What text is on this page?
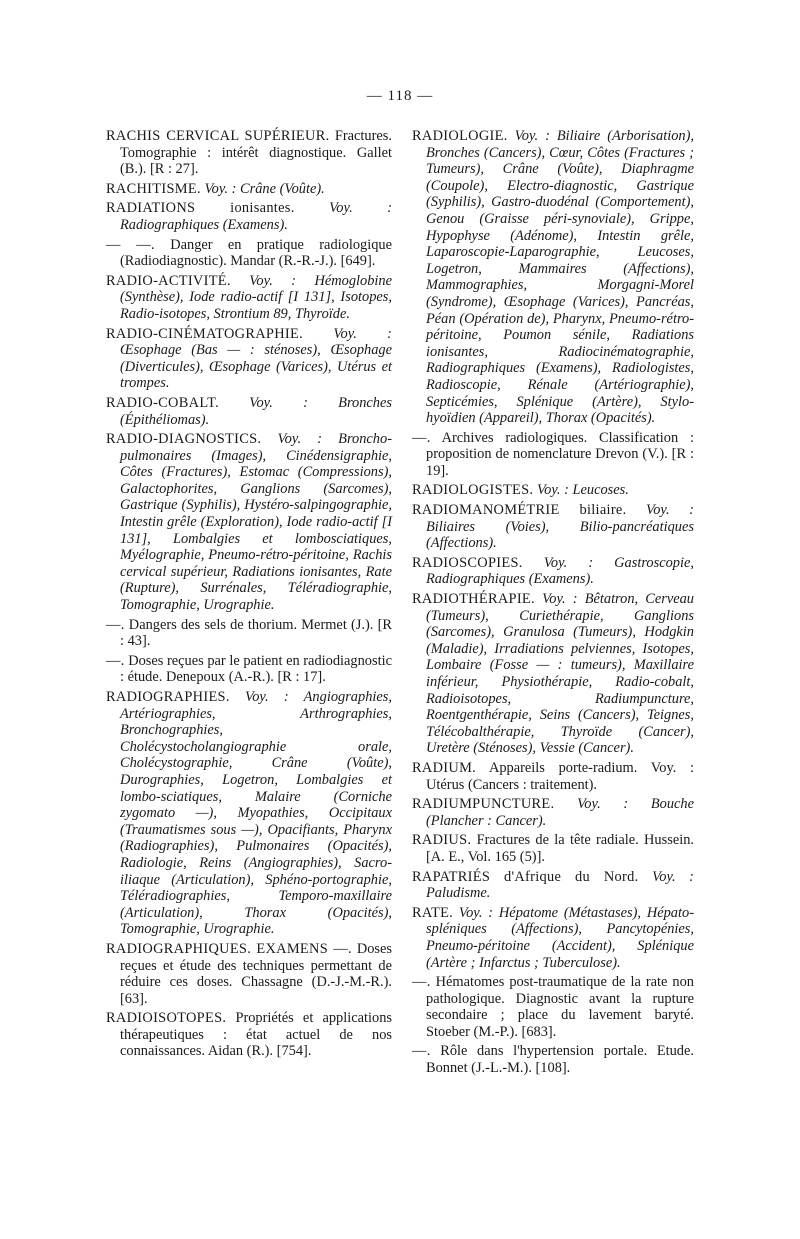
— 118 —

RACHIS CERVICAL SUPÉRIEUR. Fractures. Tomographie : intérêt diagnostique. Gallet (B.). [R : 27].

RACHITISME. Voy. : Crâne (Voûte).

RADIATIONS ionisantes. Voy. : Radiographiques (Examens).

— —. Danger en pratique radiologique (Radiodiagnostic). Mandar (R.-R.-J.). [649].

RADIO-ACTIVITÉ. Voy. : Hémoglobine (Synthèse), Iode radio-actif [I 131], Isotopes, Radio-isotopes, Strontium 89, Thyroïde.

RADIO-CINÉMATOGRAPHIE. Voy. : Œsophage (Bas — : sténoses), Œsophage (Diverticules), Œsophage (Varices), Utérus et trompes.

RADIO-COBALT. Voy. : Bronches (Épithéliomas).

RADIO-DIAGNOSTICS. Voy. : Broncho-pulmonaires (Images), Cinédensigraphie, Côtes (Fractures), Estomac (Compressions), Galactophorites, Ganglions (Sarcomes), Gastrique (Syphilis), Hystéro-salpingographie, Intestin grêle (Exploration), Iode radio-actif [I 131], Lombalgies et lombosciatiques, Myélographie, Pneumo-rétro-péritoine, Rachis cervical supérieur, Radiations ionisantes, Rate (Rupture), Surrénales, Téléradiographie, Tomographie, Urographie.

—. Dangers des sels de thorium. Mermet (J.). [R : 43].

—. Doses reçues par le patient en radiodiagnostic : étude. Denepoux (A.-R.). [R : 17].

RADIOGRAPHIES. Voy. : Angiographies, Artériographies, Arthrographies, Bronchographies, Cholécystocholangiographie orale, Cholécystographie, Crâne (Voûte), Durographies, Logetron, Lombalgies et lombo-sciatiques, Malaire (Corniche zygomato —), Myopathies, Occipitaux (Traumatismes sous —), Opacifiants, Pharynx (Radiographies), Pulmonaires (Opacités), Radiologie, Reins (Angiographies), Sacro-iliaque (Articulation), Sphéno-portographie, Téléradiographies, Temporo-maxillaire (Articulation), Thorax (Opacités), Tomographie, Urographie.

RADIOGRAPHIQUES. EXAMENS —. Doses reçues et étude des techniques permettant de réduire ces doses. Chassagne (D.-J.-M.-R.). [63].

RADIOISOTOPES. Propriétés et applications thérapeutiques : état actuel de nos connaissances. Aidan (R.). [754].

RADIOLOGIE. Voy. : Biliaire (Arborisation), Bronches (Cancers), Cœur, Côtes (Fractures ; Tumeurs), Crâne (Voûte), Diaphragme (Coupole), Electro-diagnostic, Gastrique (Syphilis), Gastro-duodénal (Comportement), Genou (Graisse péri-synoviale), Grippe, Hypophyse (Adénome), Intestin grêle, Laparoscopie-Laparographie, Leucoses, Logetron, Mammaires (Affections), Mammographies, Morgagni-Morel (Syndrome), Œsophage (Varices), Pancréas, Péan (Opération de), Pharynx, Pneumo-rétro-péritoine, Poumon sénile, Radiations ionisantes, Radiocinématographie, Radiographiques (Examens), Radiologistes, Radioscopie, Rénale (Artériographie), Septicémies, Splénique (Artère), Stylo-hyoïdien (Appareil), Thorax (Opacités).

—. Archives radiologiques. Classification : proposition de nomenclature Drevon (V.). [R : 19].

RADIOLOGISTES. Voy. : Leucoses.

RADIOMANOMÉTRIE biliaire. Voy. : Biliaires (Voies), Bilio-pancréatiques (Affections).

RADIOSCOPIES. Voy. : Gastroscopie, Radiographiques (Examens).

RADIOTHÉRAPIE. Voy. : Bêtatron, Cerveau (Tumeurs), Curiethérapie, Ganglions (Sarcomes), Granulosa (Tumeurs), Hodgkin (Maladie), Irradiations pelviennes, Isotopes, Lombaire (Fosse — : tumeurs), Maxillaire inférieur, Physiothérapie, Radio-cobalt, Radioisotopes, Radiumpuncture, Roentgenthérapie, Seins (Cancers), Teignes, Télécobalthérapie, Thyroïde (Cancer), Uretère (Sténoses), Vessie (Cancer).

RADIUM. Appareils porte-radium. Voy. : Utérus (Cancers : traitement).

RADIUMPUNCTURE. Voy. : Bouche (Plancher : Cancer).

RADIUS. Fractures de la tête radiale. Hussein. [A. E., Vol. 165 (5)].

RAPATRIÉS d'Afrique du Nord. Voy. : Paludisme.

RATE. Voy. : Hépatome (Métastases), Hépato-spléniques (Affections), Pancytopénies, Pneumo-péritoine (Accident), Splénique (Artère ; Infarctus ; Tuberculose).

—. Hématomes post-traumatique de la rate non pathologique. Diagnostic avant la rupture secondaire ; place du lavement baryté. Stoeber (M.-P.). [683].

—. Rôle dans l'hypertension portale. Etude. Bonnet (J.-L.-M.). [108].
